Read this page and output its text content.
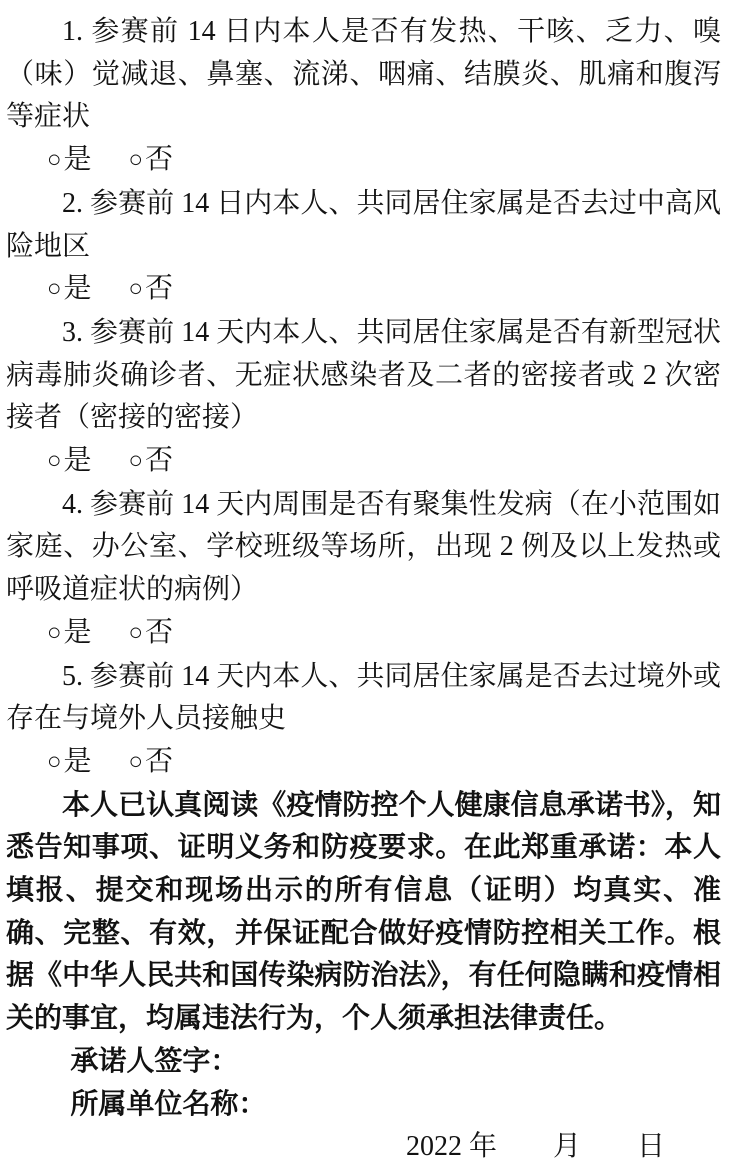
1. 参赛前 14 日内本人是否有发热、干咳、乏力、嗅（味）觉减退、鼻塞、流涕、咽痛、结膜炎、肌痛和腹泻等症状

○是 ○否

2. 参赛前 14 日内本人、共同居住家属是否去过中高风险地区

○是 ○否

3. 参赛前 14 天内本人、共同居住家属是否有新型冠状病毒肺炎确诊者、无症状感染者及二者的密接者或 2 次密接者（密接的密接）

○是 ○否

4. 参赛前 14 天内周围是否有聚集性发病（在小范围如家庭、办公室、学校班级等场所，出现 2 例及以上发热或呼吸道症状的病例）

○是 ○否

5. 参赛前 14 天内本人、共同居住家属是否去过境外或存在与境外人员接触史

○是 ○否

本人已认真阅读《疫情防控个人健康信息承诺书》，知悉告知事项、证明义务和防疫要求。在此郑重承诺：本人填报、提交和现场出示的所有信息（证明）均真实、准确、完整、有效，并保证配合做好疫情防控相关工作。根据《中华人民共和国传染病防治法》，有任何隐瞒和疫情相关的事宜，均属违法行为，个人须承担法律责任。

承诺人签字：

所属单位名称：

2022 年　　月　　日
